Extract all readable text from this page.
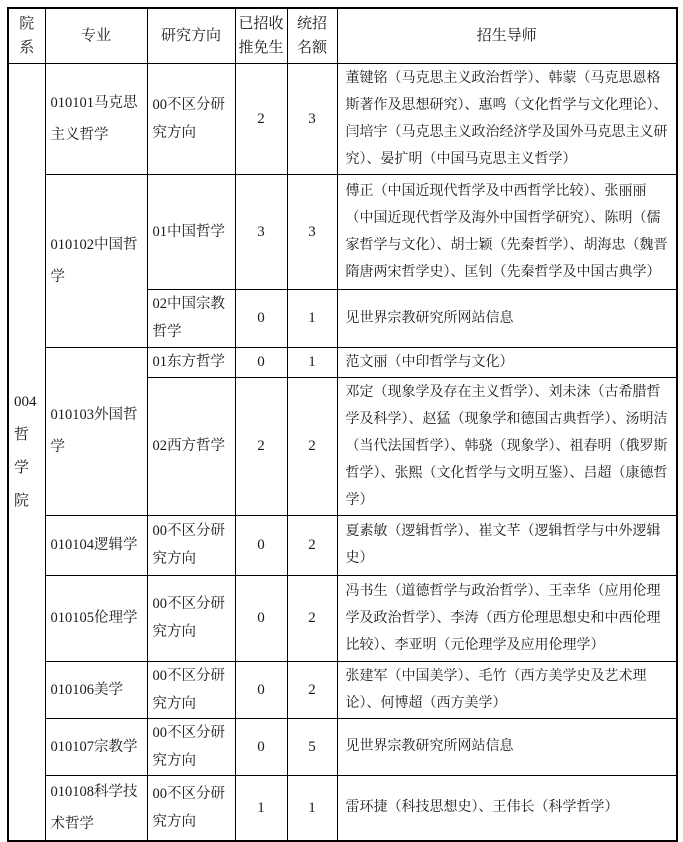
院系	专业	研究方向	已招收推免生	统招名额	招生导师
004哲学院	010101马克思主义哲学	00不区分研究方向	2	3	董键铭（马克思主义政治哲学）、韩蒙（马克思恩格斯著作及思想研究）、惠鸣（文化哲学与文化理论）、闫培宇（马克思主义政治经济学及国外马克思主义研究）、晏扩明（中国马克思主义哲学）
	010102中国哲学	01中国哲学	3	3	傅正（中国近现代哲学及中西哲学比较）、张丽丽（中国近现代哲学及海外中国哲学研究）、陈明（儒家哲学与文化）、胡士颖（先秦哲学）、胡海忠（魏晋隋唐两宋哲学史）、匡钊（先秦哲学及中国古典学）
		02中国宗教哲学	0	1	见世界宗教研究所网站信息
	010103外国哲学	01东方哲学	0	1	范文丽（中印哲学与文化）
		02西方哲学	2	2	邓定（现象学及存在主义哲学）、刘未沫（古希腊哲学及科学）、赵猛（现象学和德国古典哲学）、汤明洁（当代法国哲学）、韩骁（现象学）、祖春明（俄罗斯哲学）、张熙（文化哲学与文明互鉴）、吕超（康德哲学）
	010104逻辑学	00不区分研究方向	0	2	夏素敏（逻辑哲学）、崔文芊（逻辑哲学与中外逻辑史）
	010105伦理学	00不区分研究方向	0	2	冯书生（道德哲学与政治哲学）、王幸华（应用伦理学及政治哲学）、李涛（西方伦理思想史和中西伦理比较）、李亚明（元伦理学及应用伦理学）
	010106美学	00不区分研究方向	0	2	张建军（中国美学）、毛竹（西方美学史及艺术理论）、何博超（西方美学）
	010107宗教学	00不区分研究方向	0	5	见世界宗教研究所网站信息
	010108科学技术哲学	00不区分研究方向	1	1	雷环捷（科技思想史）、王伟长（科学哲学）
